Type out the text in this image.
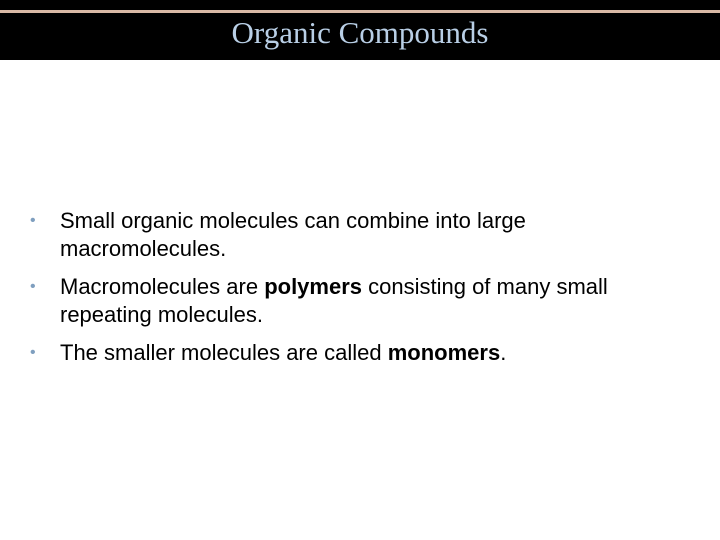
Organic Compounds
•	Small organic molecules can combine into large macromolecules.
•	Macromolecules are polymers consisting of many small repeating molecules.
•	The smaller molecules are called monomers.
